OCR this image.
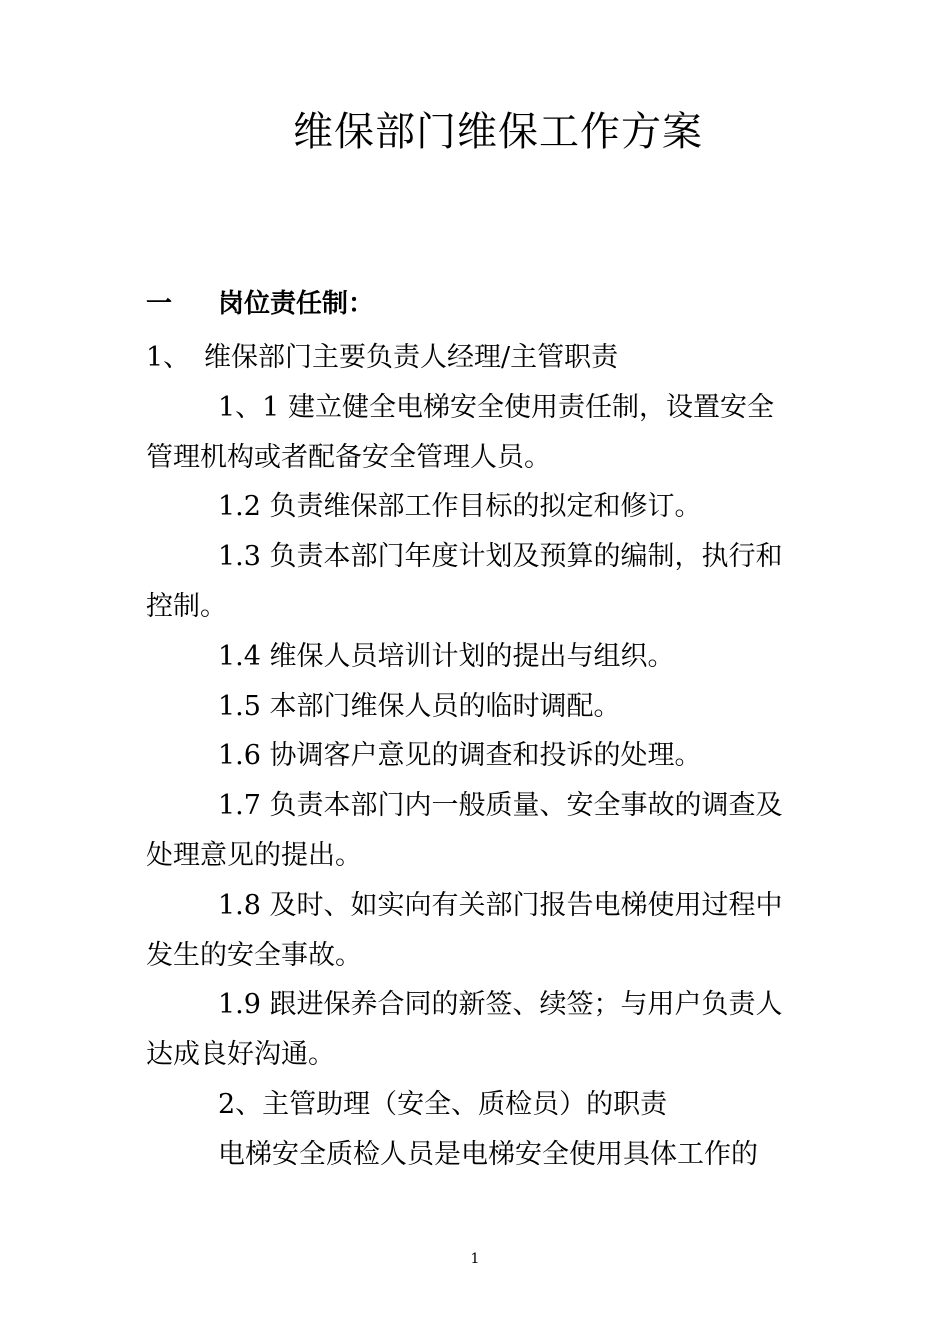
维保部门维保工作方案
一 岗位责任制：
1、 维保部门主要负责人经理/主管职责
1、1 建立健全电梯安全使用责任制，设置安全
管理机构或者配备安全管理人员。
1.2 负责维保部工作目标的拟定和修订。
1.3 负责本部门年度计划及预算的编制，执行和
控制。
1.4 维保人员培训计划的提出与组织。
1.5 本部门维保人员的临时调配。
1.6 协调客户意见的调查和投诉的处理。
1.7 负责本部门内一般质量、安全事故的调查及
处理意见的提出。
1.8 及时、如实向有关部门报告电梯使用过程中
发生的安全事故。
1.9 跟进保养合同的新签、续签；与用户负责人
达成良好沟通。
2、主管助理（安全、质检员）的职责
电梯安全质检人员是电梯安全使用具体工作的
1
